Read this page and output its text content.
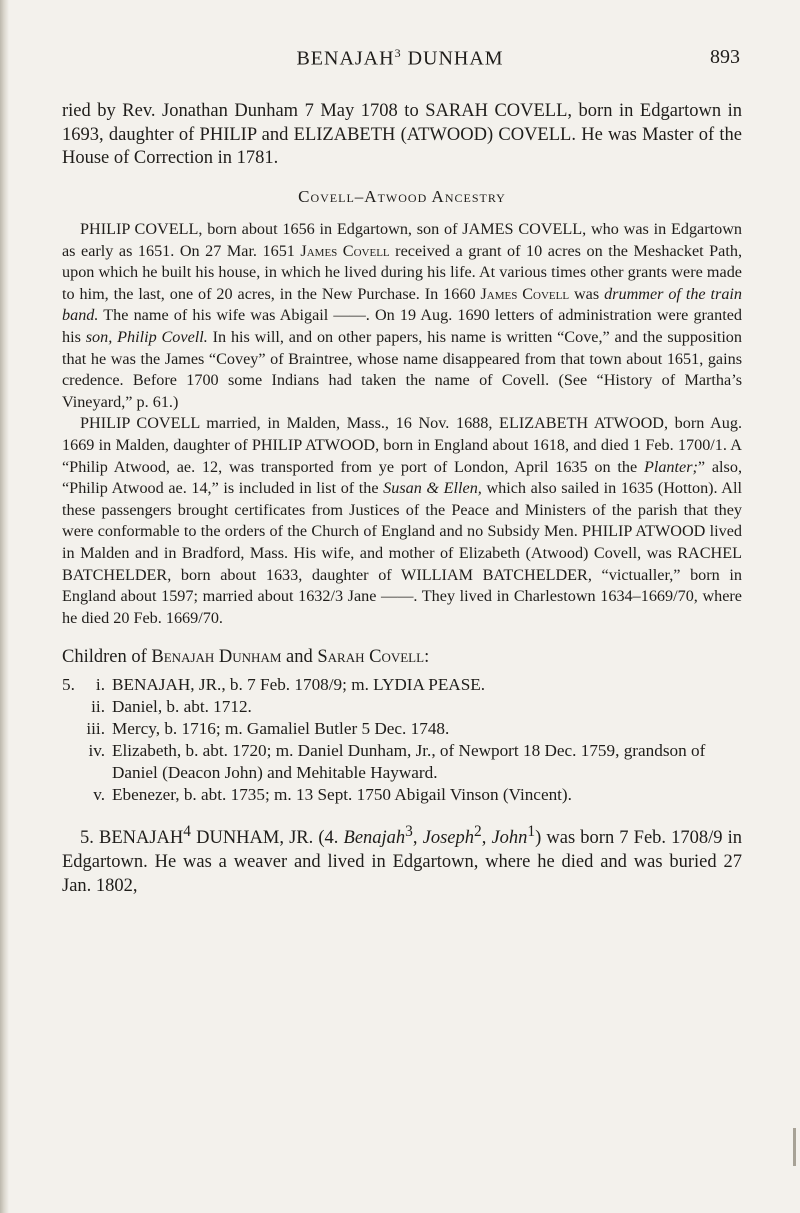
BENAJAH$^3$ DUNHAM	893

ried by Rev. Jonathan Dunham 7 May 1708 to SARAH COVELL, born in Edgartown in 1693, daughter of PHILIP and ELIZABETH (ATWOOD) COVELL. He was Master of the House of Correction in 1781.

Covell–Atwood Ancestry

PHILIP COVELL, born about 1656 in Edgartown, son of JAMES COVELL, who was in Edgartown as early as 1651. On 27 Mar. 1651 James Covell received a grant of 10 acres on the Meshacket Path, upon which he built his house, in which he lived during his life. At various times other grants were made to him, the last, one of 20 acres, in the New Purchase. In 1660 James Covell was drummer of the train band. The name of his wife was Abigail ——. On 19 Aug. 1690 letters of administration were granted his son, Philip Covell. In his will, and on other papers, his name is written “Cove,” and the supposition that he was the James “Covey” of Braintree, whose name disappeared from that town about 1651, gains credence. Before 1700 some Indians had taken the name of Covell. (See “History of Martha’s Vineyard,” p. 61.)

PHILIP COVELL married, in Malden, Mass., 16 Nov. 1688, ELIZABETH ATWOOD, born Aug. 1669 in Malden, daughter of PHILIP ATWOOD, born in England about 1618, and died 1 Feb. 1700/1. A “Philip Atwood, ae. 12, was transported from ye port of London, April 1635 on the Planter;” also, “Philip Atwood ae. 14,” is included in list of the Susan & Ellen, which also sailed in 1635 (Hotton). All these passengers brought certificates from Justices of the Peace and Ministers of the parish that they were conformable to the orders of the Church of England and no Subsidy Men. PHILIP ATWOOD lived in Malden and in Bradford, Mass. His wife, and mother of Elizabeth (Atwood) Covell, was RACHEL BATCHELDER, born about 1633, daughter of WILLIAM BATCHELDER, “victualler,” born in England about 1597; married about 1632/3 Jane ——. They lived in Charlestown 1634–1669/70, where he died 20 Feb. 1669/70.

Children of Benajah Dunham and Sarah Covell:

5.	i. BENAJAH, JR., b. 7 Feb. 1708/9; m. LYDIA PEASE.
ii. Daniel, b. abt. 1712.
iii. Mercy, b. 1716; m. Gamaliel Butler 5 Dec. 1748.
iv. Elizabeth, b. abt. 1720; m. Daniel Dunham, Jr., of Newport 18 Dec. 1759, grandson of Daniel (Deacon John) and Mehitable Hayward.
v. Ebenezer, b. abt. 1735; m. 13 Sept. 1750 Abigail Vinson (Vincent).

5. BENAJAH$^4$ DUNHAM, JR. (4. Benajah$^3$, Joseph$^2$, John$^1$) was born 7 Feb. 1708/9 in Edgartown. He was a weaver and lived in Edgartown, where he died and was buried 27 Jan. 1802,
